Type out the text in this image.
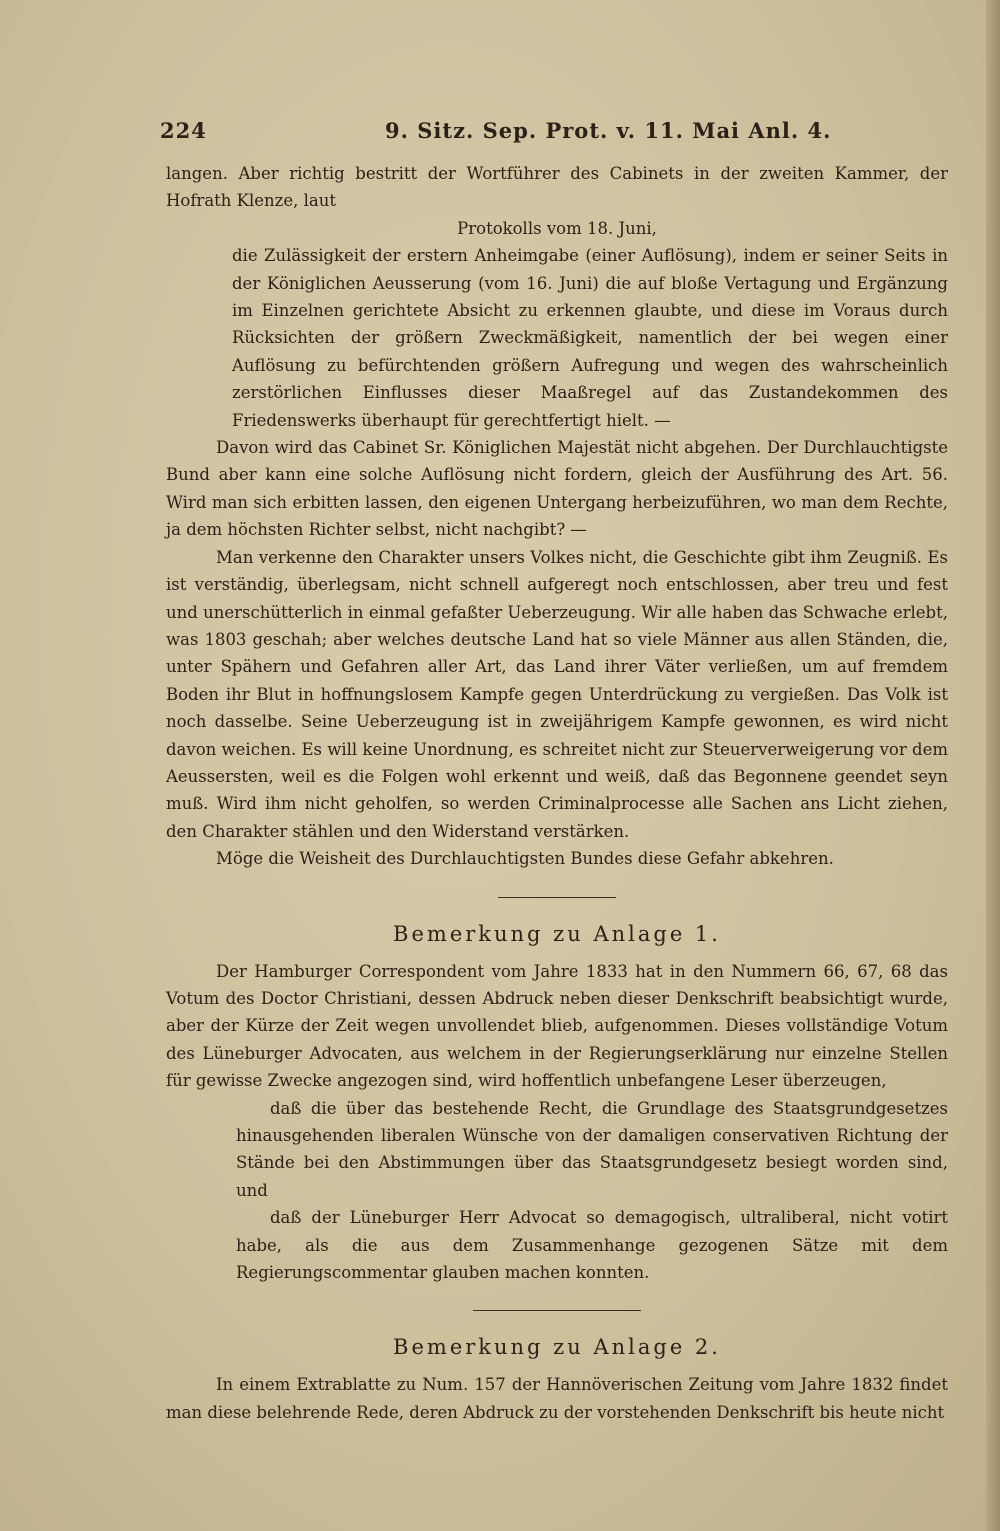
224	9. Sitz. Sep. Prot. v. 11. Mai Anl. 4.

langen. Aber richtig bestritt der Wortführer des Cabinets in der zweiten Kammer, der Hofrath Klenze, laut

Protokolls vom 18. Juni,

die Zulässigkeit der erstern Anheimgabe (einer Auflösung), indem er seiner Seits in der Königlichen Aeusserung (vom 16. Juni) die auf bloße Vertagung und Ergänzung im Einzelnen gerichtete Absicht zu erkennen glaubte, und diese im Voraus durch Rücksichten der größern Zweckmäßigkeit, namentlich der bei wegen einer Auflösung zu befürchtenden größern Aufregung und wegen des wahrscheinlich zerstörlichen Einflusses dieser Maaßregel auf das Zustandekommen des Friedenswerks überhaupt für gerechtfertigt hielt. —

Davon wird das Cabinet Sr. Königlichen Majestät nicht abgehen. Der Durchlauchtigste Bund aber kann eine solche Auflösung nicht fordern, gleich der Ausführung des Art. 56. Wird man sich erbitten lassen, den eigenen Untergang herbeizuführen, wo man dem Rechte, ja dem höchsten Richter selbst, nicht nachgibt? —

Man verkenne den Charakter unsers Volkes nicht, die Geschichte gibt ihm Zeugniß. Es ist verständig, überlegsam, nicht schnell aufgeregt noch entschlossen, aber treu und fest und unerschütterlich in einmal gefaßter Ueberzeugung. Wir alle haben das Schwache erlebt, was 1803 geschah; aber welches deutsche Land hat so viele Männer aus allen Ständen, die, unter Spähern und Gefahren aller Art, das Land ihrer Väter verließen, um auf fremdem Boden ihr Blut in hoffnungslosem Kampfe gegen Unterdrückung zu vergießen. Das Volk ist noch dasselbe. Seine Ueberzeugung ist in zweijährigem Kampfe gewonnen, es wird nicht davon weichen. Es will keine Unordnung, es schreitet nicht zur Steuerverweigerung vor dem Aeussersten, weil es die Folgen wohl erkennt und weiß, daß das Begonnene geendet seyn muß. Wird ihm nicht geholfen, so werden Criminalprocesse alle Sachen ans Licht ziehen, den Charakter stählen und den Widerstand verstärken.

Möge die Weisheit des Durchlauchtigsten Bundes diese Gefahr abkehren.

Bemerkung zu Anlage 1.

Der Hamburger Correspondent vom Jahre 1833 hat in den Nummern 66, 67, 68 das Votum des Doctor Christiani, dessen Abdruck neben dieser Denkschrift beabsichtigt wurde, aber der Kürze der Zeit wegen unvollendet blieb, aufgenommen. Dieses vollständige Votum des Lüneburger Advocaten, aus welchem in der Regierungserklärung nur einzelne Stellen für gewisse Zwecke angezogen sind, wird hoffentlich unbefangene Leser überzeugen,

daß die über das bestehende Recht, die Grundlage des Staatsgrundgesetzes hinausgehenden liberalen Wünsche von der damaligen conservativen Richtung der Stände bei den Abstimmungen über das Staatsgrundgesetz besiegt worden sind, und

daß der Lüneburger Herr Advocat so demagogisch, ultraliberal, nicht votirt habe, als die aus dem Zusammenhange gezogenen Sätze mit dem Regierungscommentar glauben machen konnten.

Bemerkung zu Anlage 2.

In einem Extrablatte zu Num. 157 der Hannöverischen Zeitung vom Jahre 1832 findet man diese belehrende Rede, deren Abdruck zu der vorstehenden Denkschrift bis heute nicht
